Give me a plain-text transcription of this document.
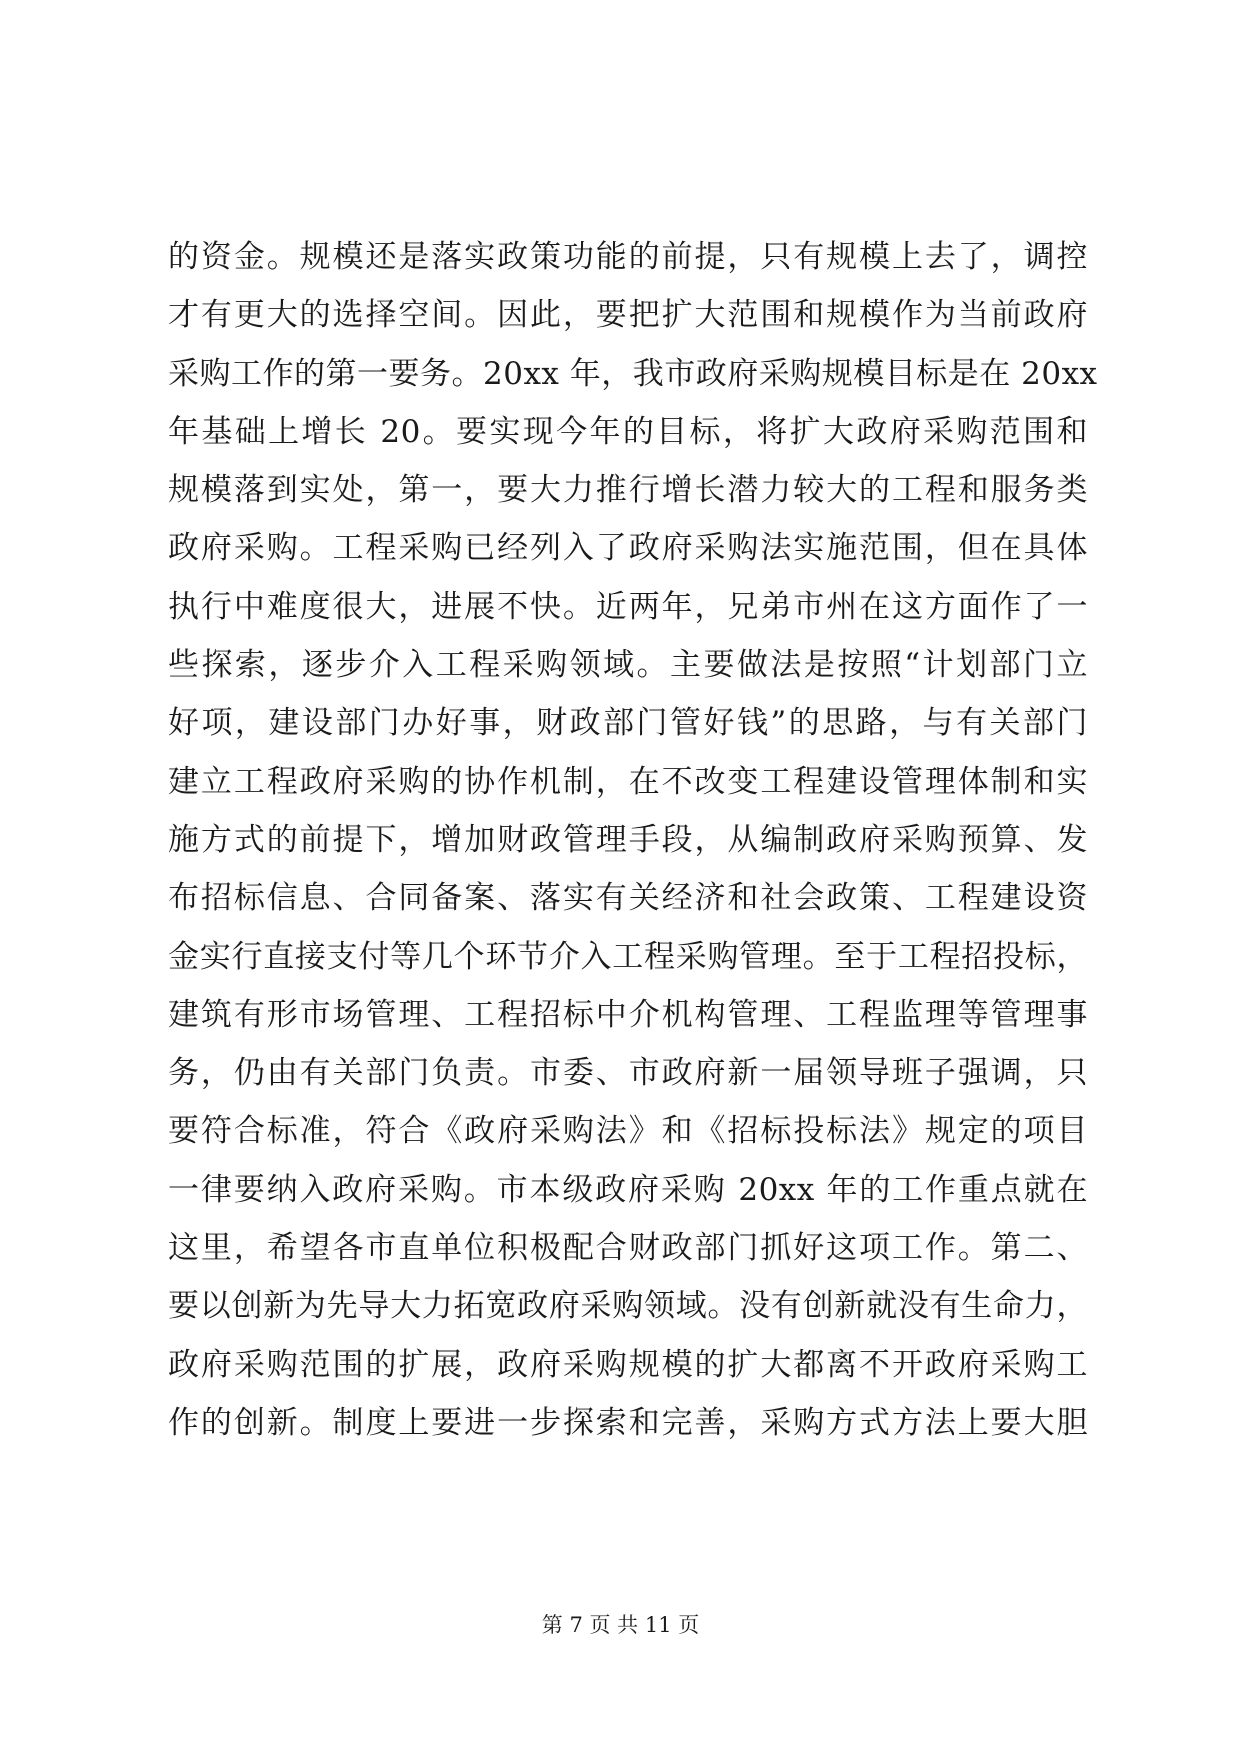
的资金。规模还是落实政策功能的前提，只有规模上去了，调控
才有更大的选择空间。因此，要把扩大范围和规模作为当前政府
采购工作的第一要务。20xx 年，我市政府采购规模目标是在 20xx
年基础上增长 20。要实现今年的目标，将扩大政府采购范围和
规模落到实处，第一，要大力推行增长潜力较大的工程和服务类
政府采购。工程采购已经列入了政府采购法实施范围，但在具体
执行中难度很大，进展不快。近两年，兄弟市州在这方面作了一
些探索，逐步介入工程采购领域。主要做法是按照“计划部门立
好项，建设部门办好事，财政部门管好钱”的思路，与有关部门
建立工程政府采购的协作机制，在不改变工程建设管理体制和实
施方式的前提下，增加财政管理手段，从编制政府采购预算、发
布招标信息、合同备案、落实有关经济和社会政策、工程建设资
金实行直接支付等几个环节介入工程采购管理。至于工程招投标，
建筑有形市场管理、工程招标中介机构管理、工程监理等管理事
务，仍由有关部门负责。市委、市政府新一届领导班子强调，只
要符合标准，符合《政府采购法》和《招标投标法》规定的项目
一律要纳入政府采购。市本级政府采购 20xx 年的工作重点就在
这里，希望各市直单位积极配合财政部门抓好这项工作。第二、
要以创新为先导大力拓宽政府采购领域。没有创新就没有生命力，
政府采购范围的扩展，政府采购规模的扩大都离不开政府采购工
作的创新。制度上要进一步探索和完善，采购方式方法上要大胆
第 7 页 共 11 页
